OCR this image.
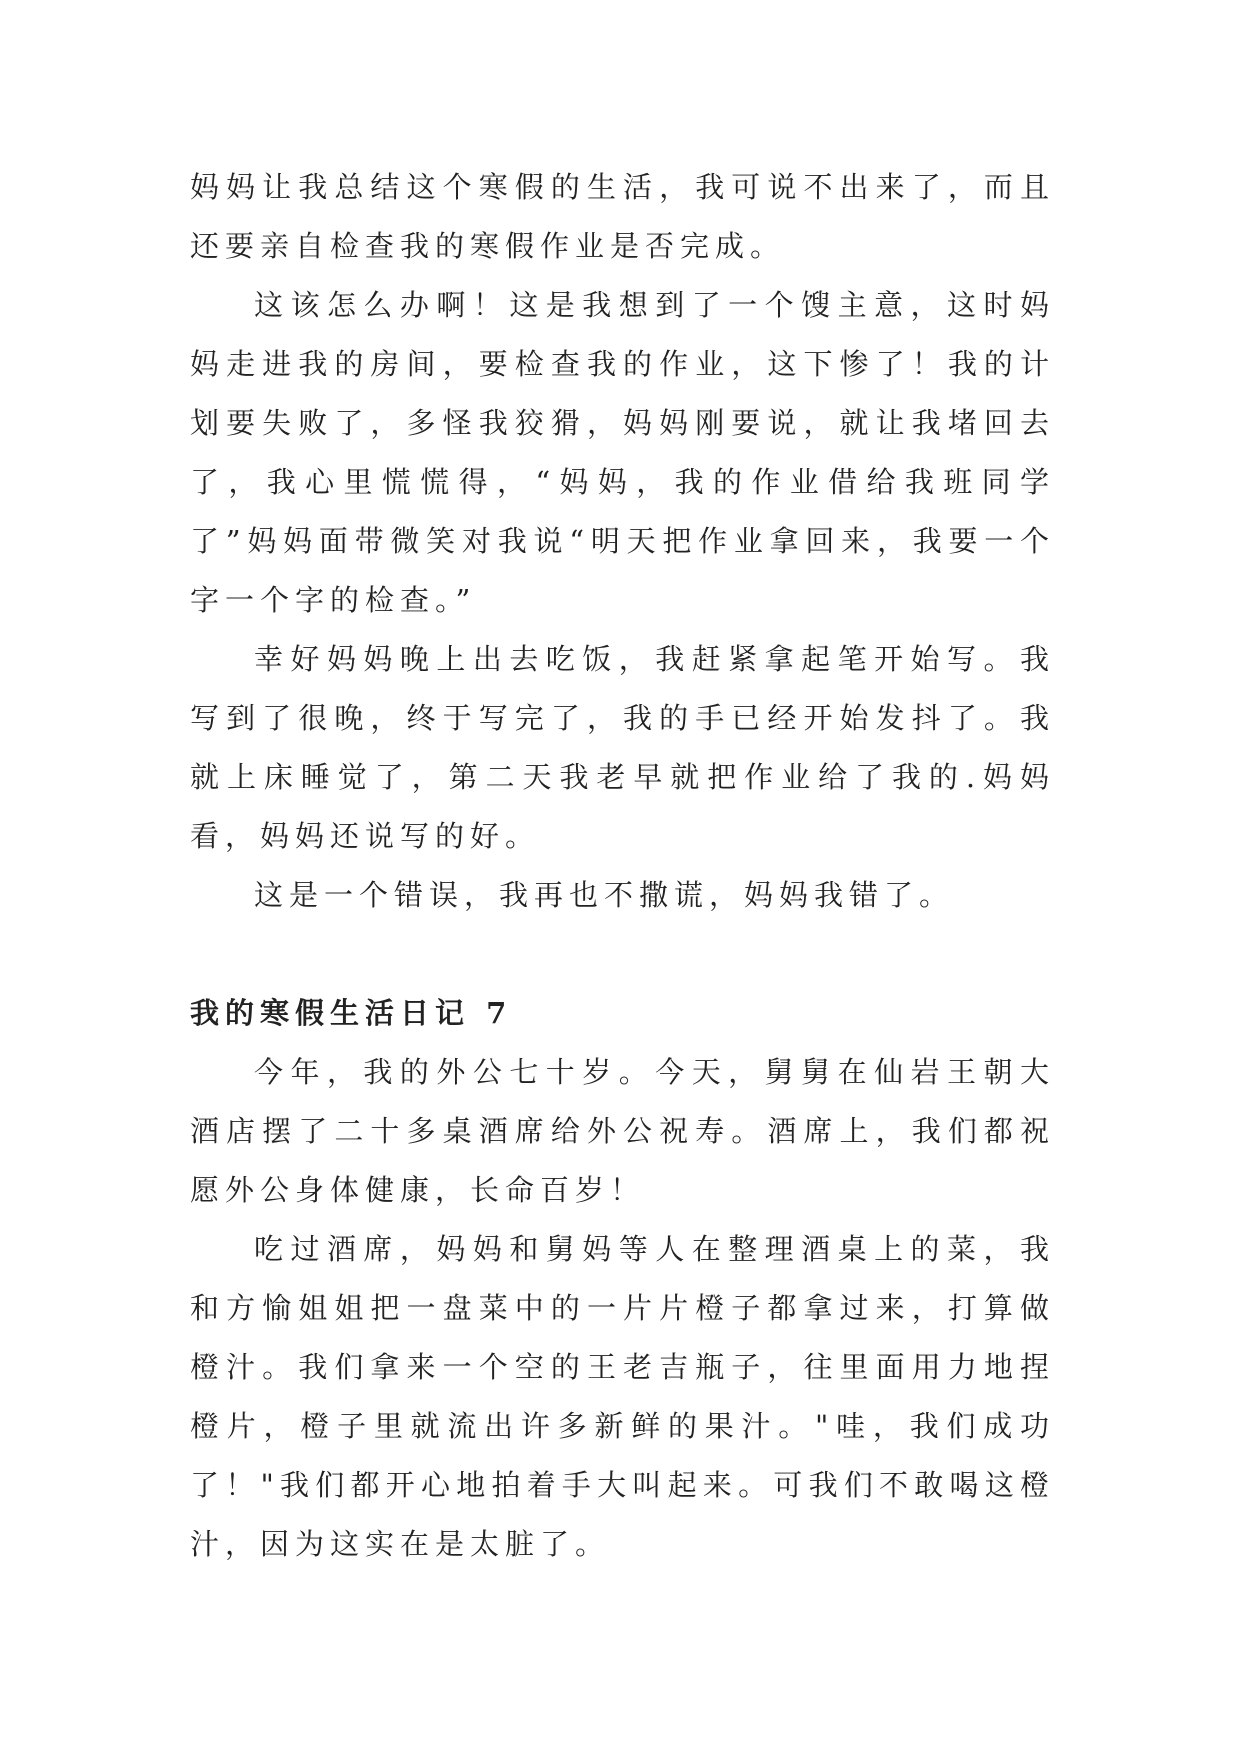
妈妈让我总结这个寒假的生活，我可说不出来了，而且还要亲自检查我的寒假作业是否完成。

这该怎么办啊！这是我想到了一个馊主意，这时妈妈走进我的房间，要检查我的作业，这下惨了！我的计划要失败了，多怪我狡猾，妈妈刚要说，就让我堵回去了，我心里慌慌得，“妈妈，我的作业借给我班同学了”妈妈面带微笑对我说“明天把作业拿回来，我要一个字一个字的检查。”

幸好妈妈晚上出去吃饭，我赶紧拿起笔开始写。我写到了很晚，终于写完了，我的手已经开始发抖了。我就上床睡觉了，第二天我老早就把作业给了我的.妈妈看，妈妈还说写的好。

这是一个错误，我再也不撒谎，妈妈我错了。

我的寒假生活日记 7

今年，我的外公七十岁。今天，舅舅在仙岩王朝大酒店摆了二十多桌酒席给外公祝寿。酒席上，我们都祝愿外公身体健康，长命百岁！

吃过酒席，妈妈和舅妈等人在整理酒桌上的菜，我和方愉姐姐把一盘菜中的一片片橙子都拿过来，打算做橙汁。我们拿来一个空的王老吉瓶子，往里面用力地捏橙片，橙子里就流出许多新鲜的果汁。"哇，我们成功了！"我们都开心地拍着手大叫起来。可我们不敢喝这橙汁，因为这实在是太脏了。
